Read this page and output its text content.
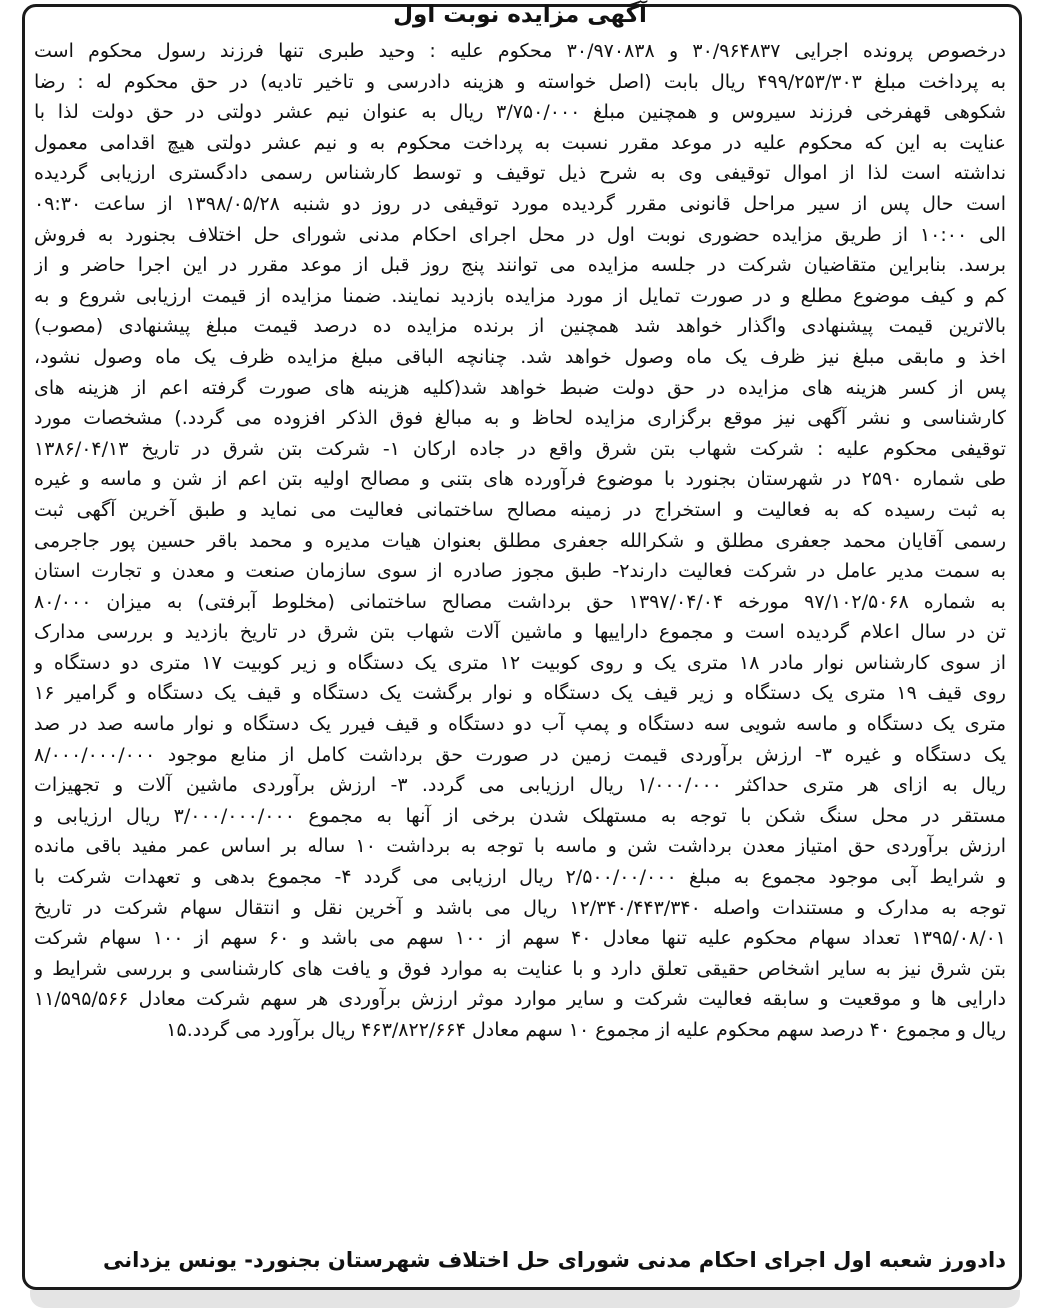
آگهی مزایده نوبت اول
درخصوص پرونده اجرایی ۳۰/۹۶۴۸۳۷ و ۳۰/۹۷۰۸۳۸ محکوم علیه : وحید طبری تنها فرزند رسول محکوم است
به پرداخت مبلغ ۴۹۹/۲۵۳/۳۰۳ ریال بابت (اصل خواسته و هزینه دادرسی و تاخیر تادیه) در حق محکوم له : رضا
شکوهی قهفرخی فرزند سیروس و همچنین مبلغ ۳/۷۵۰/۰۰۰ ریال به عنوان نیم عشر دولتی در حق دولت لذا با
عنایت به این که محکوم علیه در موعد مقرر نسبت به پرداخت محکوم به و نیم عشر دولتی هیچ اقدامی معمول
نداشته است لذا از اموال توقیفی وی به شرح ذیل توقیف و توسط کارشناس رسمی دادگستری ارزیابی گردیده
است حال پس از سیر مراحل قانونی مقرر گردیده مورد توقیفی در روز دو شنبه ۱۳۹۸/۰۵/۲۸ از ساعت ۰۹:۳۰
الی ۱۰:۰۰ از طریق مزایده حضوری نوبت اول در محل اجرای احکام مدنی شورای حل اختلاف بجنورد به فروش
برسد. بنابراین متقاضیان شرکت در جلسه مزایده می توانند پنج روز قبل از موعد مقرر در این اجرا حاضر و از
کم و کیف موضوع مطلع و در صورت تمایل از مورد مزایده بازدید نمایند. ضمنا مزایده از قیمت ارزیابی شروع و به
بالاترین قیمت پیشنهادی واگذار خواهد شد همچنین از برنده مزایده ده درصد قیمت مبلغ پیشنهادی (مصوب)
اخذ و مابقی مبلغ نیز ظرف یک ماه وصول خواهد شد. چنانچه الباقی مبلغ مزایده ظرف یک ماه وصول نشود،
پس از کسر هزینه های مزایده در حق دولت ضبط خواهد شد(کلیه هزینه های صورت گرفته اعم از هزینه های
کارشناسی و نشر آگهی نیز موقع برگزاری مزایده لحاظ و به مبالغ فوق الذکر افزوده می گردد.) مشخصات مورد
توقیفی محکوم علیه : شرکت شهاب بتن شرق واقع در جاده ارکان ۱- شرکت بتن شرق در تاریخ ۱۳۸۶/۰۴/۱۳
طی شماره ۲۵۹۰ در شهرستان بجنورد با موضوع فرآورده های بتنی و مصالح اولیه بتن اعم از شن و ماسه و غیره
به ثبت رسیده که به فعالیت و استخراج در زمینه مصالح ساختمانی فعالیت می نماید و طبق آخرین آگهی ثبت
رسمی آقایان محمد جعفری مطلق و شکرالله جعفری مطلق بعنوان هیات مدیره و محمد باقر حسین پور جاجرمی
به سمت مدیر عامل در شرکت فعالیت دارند۲- طبق مجوز صادره از سوی سازمان صنعت و معدن و تجارت استان
به شماره ۹۷/۱۰۲/۵۰۶۸ مورخه ۱۳۹۷/۰۴/۰۴ حق برداشت مصالح ساختمانی (مخلوط آبرفتی) به میزان ۸۰/۰۰۰
تن در سال اعلام گردیده است و مجموع داراییها و ماشین آلات شهاب بتن شرق در تاریخ بازدید و بررسی مدارک
از سوی کارشناس نوار مادر ۱۸ متری یک و روی کوبیت ۱۲ متری یک دستگاه و زیر کوبیت ۱۷ متری دو دستگاه و
روی قیف ۱۹ متری یک دستگاه و زیر قیف یک دستگاه و نوار برگشت یک دستگاه و قیف یک دستگاه و گرامیر ۱۶
متری یک دستگاه و ماسه شویی سه دستگاه و پمپ آب دو دستگاه و قیف فیرر یک دستگاه و نوار ماسه صد در صد
یک دستگاه و غیره ۳- ارزش برآوردی قیمت زمین در صورت حق برداشت کامل از منابع موجود ۸/۰۰۰/۰۰۰/۰۰۰
ریال به ازای هر متری حداکثر ۱/۰۰۰/۰۰۰ ریال ارزیابی می گردد. ۳- ارزش برآوردی ماشین آلات و تجهیزات
مستقر در محل سنگ شکن با توجه به مستهلک شدن برخی از آنها به مجموع ۳/۰۰۰/۰۰۰/۰۰۰ ریال ارزیابی و
ارزش برآوردی حق امتیاز معدن برداشت شن و ماسه با توجه به برداشت ۱۰ ساله بر اساس عمر مفید باقی مانده
و شرایط آبی موجود مجموع به مبلغ ۲/۵۰۰/۰۰/۰۰۰ ریال ارزیابی می گردد ۴- مجموع بدهی و تعهدات شرکت با
توجه به مدارک و مستندات واصله ۱۲/۳۴۰/۴۴۳/۳۴۰ ریال می باشد و آخرین نقل و انتقال سهام شرکت در تاریخ
۱۳۹۵/۰۸/۰۱ تعداد سهام محکوم علیه تنها معادل ۴۰ سهم از ۱۰۰ سهم می باشد و ۶۰ سهم از ۱۰۰ سهام شرکت
بتن شرق نیز به سایر اشخاص حقیقی تعلق دارد و با عنایت به موارد فوق و یافت های کارشناسی و بررسی شرایط و
دارایی ها و موقعیت و سابقه فعالیت شرکت و سایر موارد موثر ارزش برآوردی هر سهم شرکت معادل ۱۱/۵۹۵/۵۶۶
ریال و مجموع ۴۰ درصد سهم محکوم علیه از مجموع ۱۰ سهم معادل ۴۶۳/۸۲۲/۶۶۴ ریال برآورد می گردد.۱۵
دادورز شعبه اول اجرای احکام مدنی شورای حل اختلاف شهرستان بجنورد- یونس یزدانی
